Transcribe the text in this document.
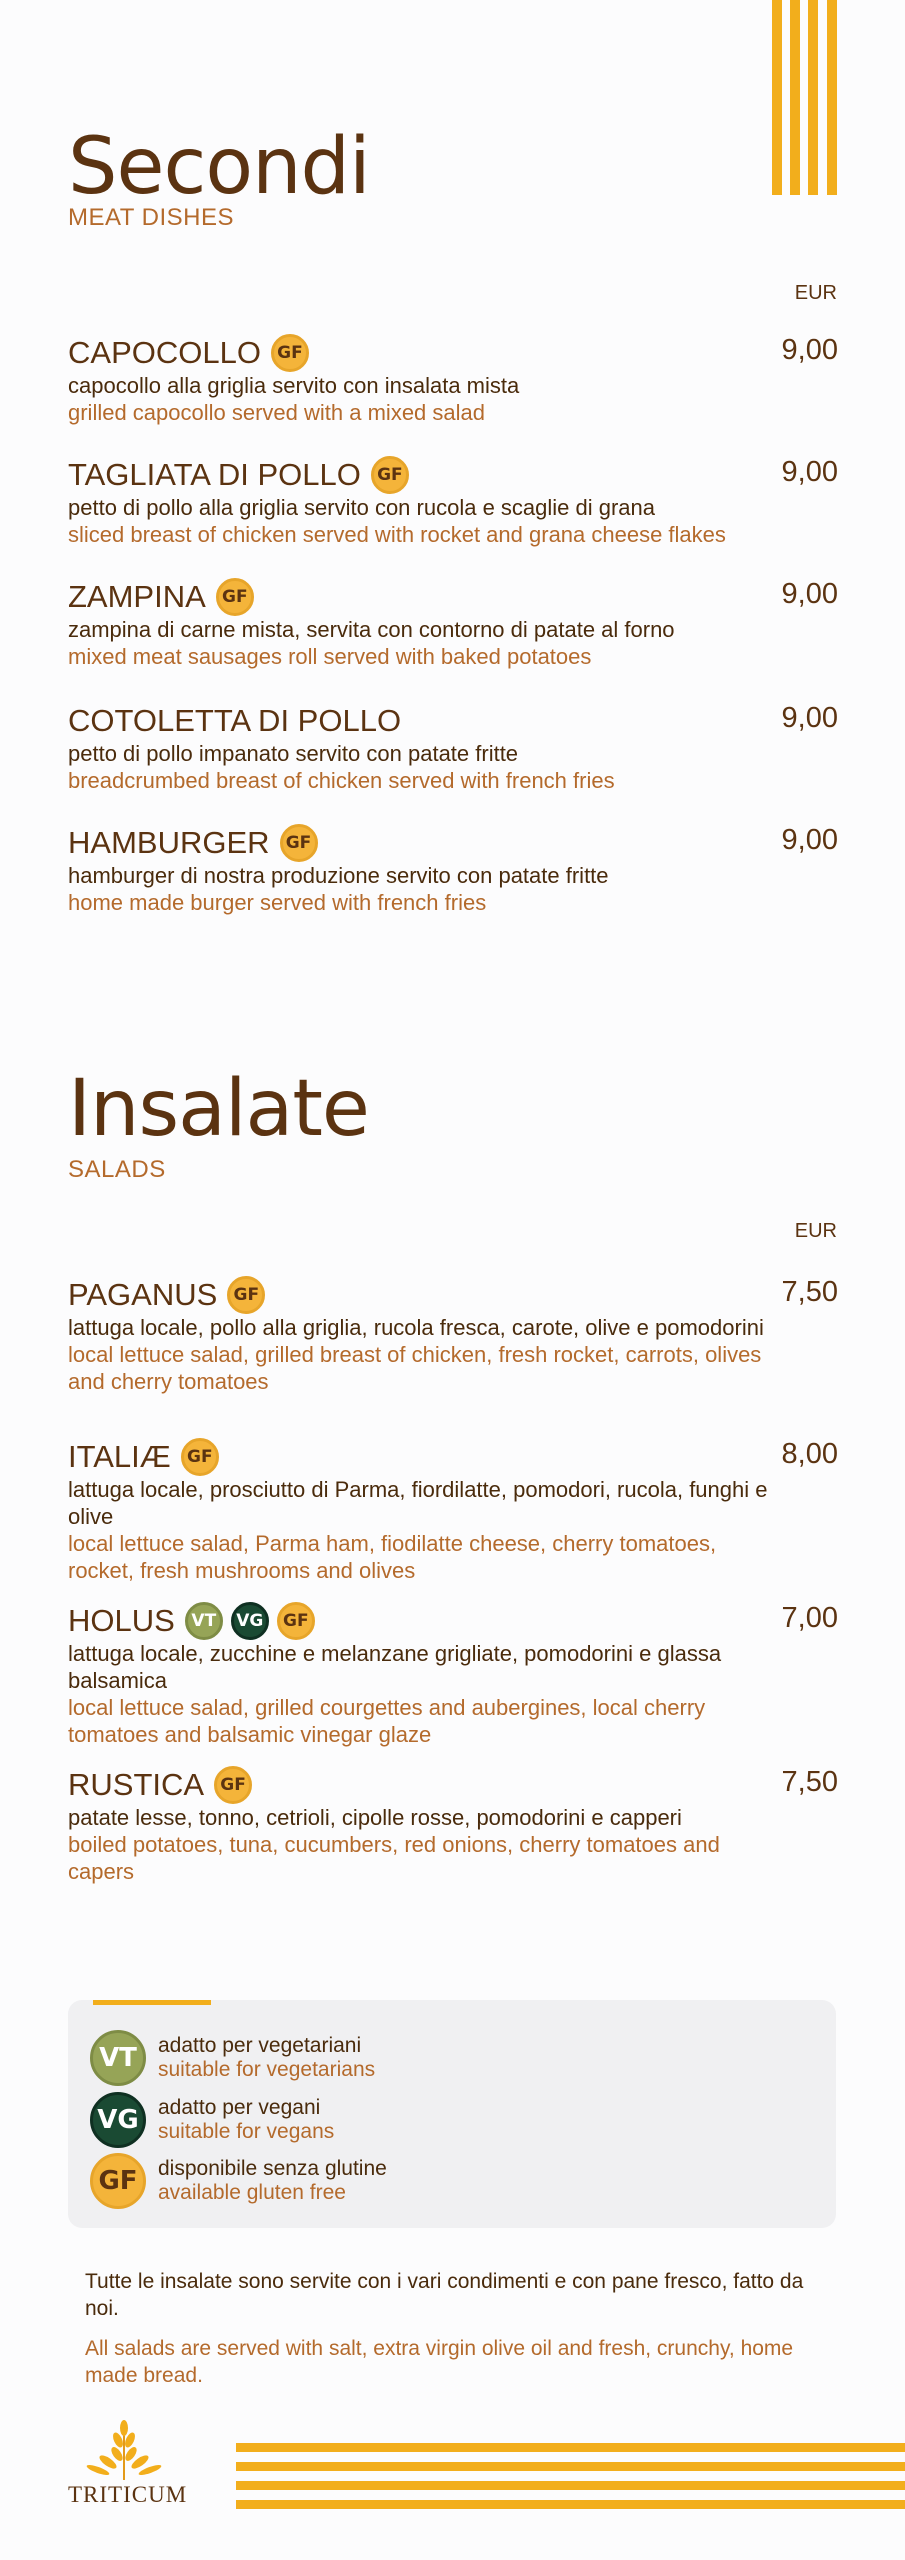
Secondi
MEAT DISHES
EUR
CAPOCOLLO GF	9,00
capocollo alla griglia servito con insalata mista
grilled capocollo served with a mixed salad
TAGLIATA DI POLLO GF	9,00
petto di pollo alla griglia servito con rucola e scaglie di grana
sliced breast of chicken served with rocket and grana cheese flakes
ZAMPINA GF	9,00
zampina di carne mista, servita con contorno di patate al forno
mixed meat sausages roll served with baked potatoes
COTOLETTA DI POLLO	9,00
petto di pollo impanato servito con patate fritte
breadcrumbed breast of chicken served with french fries
HAMBURGER GF	9,00
hamburger di nostra produzione servito con patate fritte
home made burger served with french fries
Insalate
SALADS
EUR
PAGANUS GF	7,50
lattuga locale, pollo alla griglia, rucola fresca, carote, olive e pomodorini
local lettuce salad, grilled breast of chicken, fresh rocket, carrots, olives and cherry tomatoes
ITALIÆ GF	8,00
lattuga locale, prosciutto di Parma, fiordilatte, pomodori, rucola, funghi e olive
local lettuce salad, Parma ham, fiodilatte cheese, cherry tomatoes, rocket, fresh mushrooms and olives
HOLUS VT	VG	GF	7,00
lattuga locale, zucchine e melanzane grigliate, pomodorini e glassa balsamica
local lettuce salad, grilled courgettes and aubergines, local cherry tomatoes and balsamic vinegar glaze
RUSTICA GF	7,50
patate lesse, tonno, cetrioli, cipolle rosse, pomodorini e capperi
boiled potatoes, tuna, cucumbers, red onions, cherry tomatoes and capers
VT	adatto per vegetariani
suitable for vegetarians
VG adatto per vegani
suitable for vegans
GF disponibile senza glutine
available gluten free
Tutte le insalate sono servite con i vari condimenti e con pane fresco, fatto da noi.
All salads are served with salt, extra virgin olive oil and fresh, crunchy, home made bread.
TRITICUM
